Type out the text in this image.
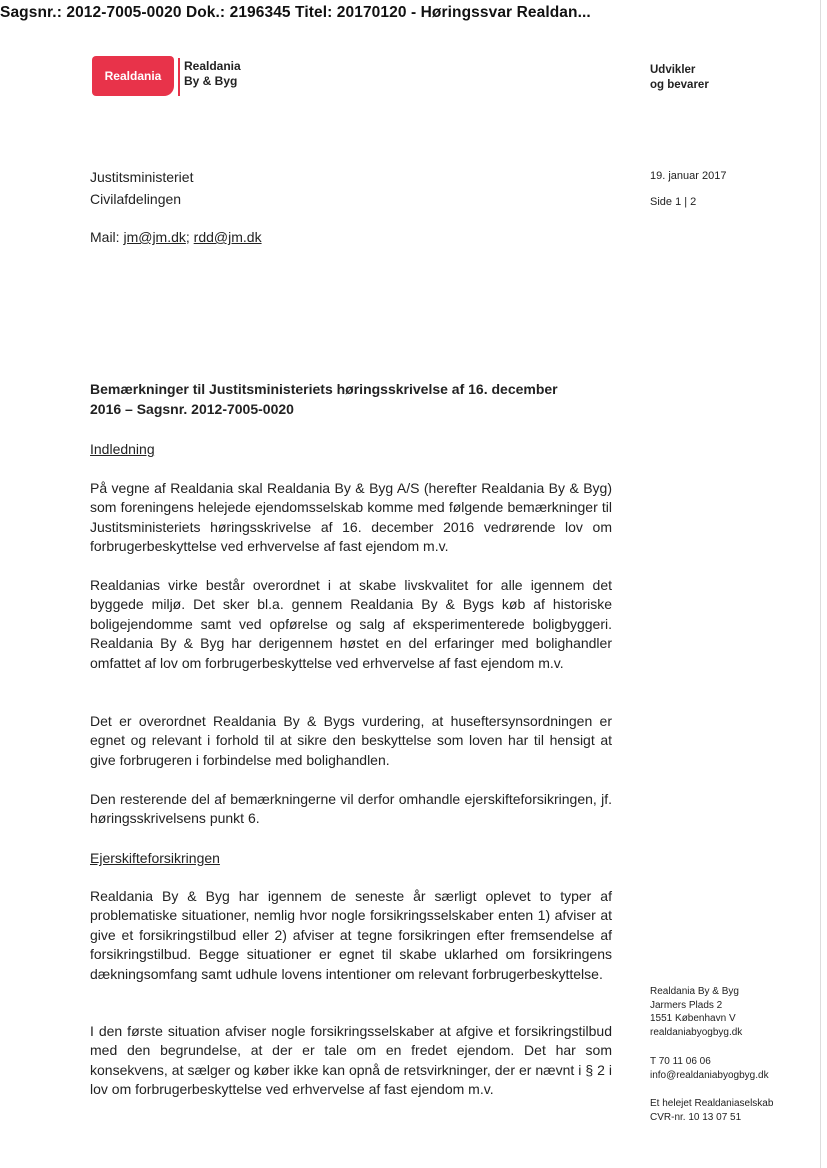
Sagsnr.: 2012-7005-0020 Dok.: 2196345 Titel: 20170120 - Høringssvar Realdan...
Realdania
Realdania
By & Byg
Udvikler
og bevarer
Justitsministeriet
Civilafdelingen
19. januar 2017
Side 1 | 2
Mail: jm@jm.dk; rdd@jm.dk
Bemærkninger til Justitsministeriets høringsskrivelse af 16. december
2016 – Sagsnr. 2012-7005-0020
Indledning

På vegne af Realdania skal Realdania By & Byg A/S (herefter Realdania By & Byg) som foreningens helejede ejendomsselskab komme med følgende bemærkninger til Justitsministeriets høringsskrivelse af 16. december 2016 vedrørende lov om forbrugerbeskyttelse ved erhvervelse af fast ejendom m.v.

Realdanias virke består overordnet i at skabe livskvalitet for alle igennem det byggede miljø. Det sker bl.a. gennem Realdania By & Bygs køb af historiske boligejendomme samt ved opførelse og salg af eksperimenterede boligbyggeri. Realdania By & Byg har derigennem høstet en del erfaringer med bolighandler omfattet af lov om forbrugerbeskyttelse ved erhvervelse af fast ejendom m.v.

Det er overordnet Realdania By & Bygs vurdering, at huseftersynsordningen er egnet og relevant i forhold til at sikre den beskyttelse som loven har til hensigt at give forbrugeren i forbindelse med bolighandlen.

Den resterende del af bemærkningerne vil derfor omhandle ejerskifteforsikringen, jf. høringsskrivelsens punkt 6.

Ejerskifteforsikringen

Realdania By & Byg har igennem de seneste år særligt oplevet to typer af problematiske situationer, nemlig hvor nogle forsikringsselskaber enten 1) afviser at give et forsikringstilbud eller 2) afviser at tegne forsikringen efter fremsendelse af forsikringstilbud. Begge situationer er egnet til skabe uklarhed om forsikringens dækningsomfang samt udhule lovens intentioner om relevant forbrugerbeskyttelse.

I den første situation afviser nogle forsikringsselskaber at afgive et forsikringstilbud med den begrundelse, at der er tale om en fredet ejendom. Det har som konsekvens, at sælger og køber ikke kan opnå de retsvirkninger, der er nævnt i § 2 i lov om forbrugerbeskyttelse ved erhvervelse af fast ejendom m.v.

Realdania By & Byg
Jarmers Plads 2
1551 København V
realdaniabyogbyg.dk
T 70 11 06 06
info@realdaniabyogbyg.dk
Et helejet Realdaniaselskab
CVR-nr. 10 13 07 51
